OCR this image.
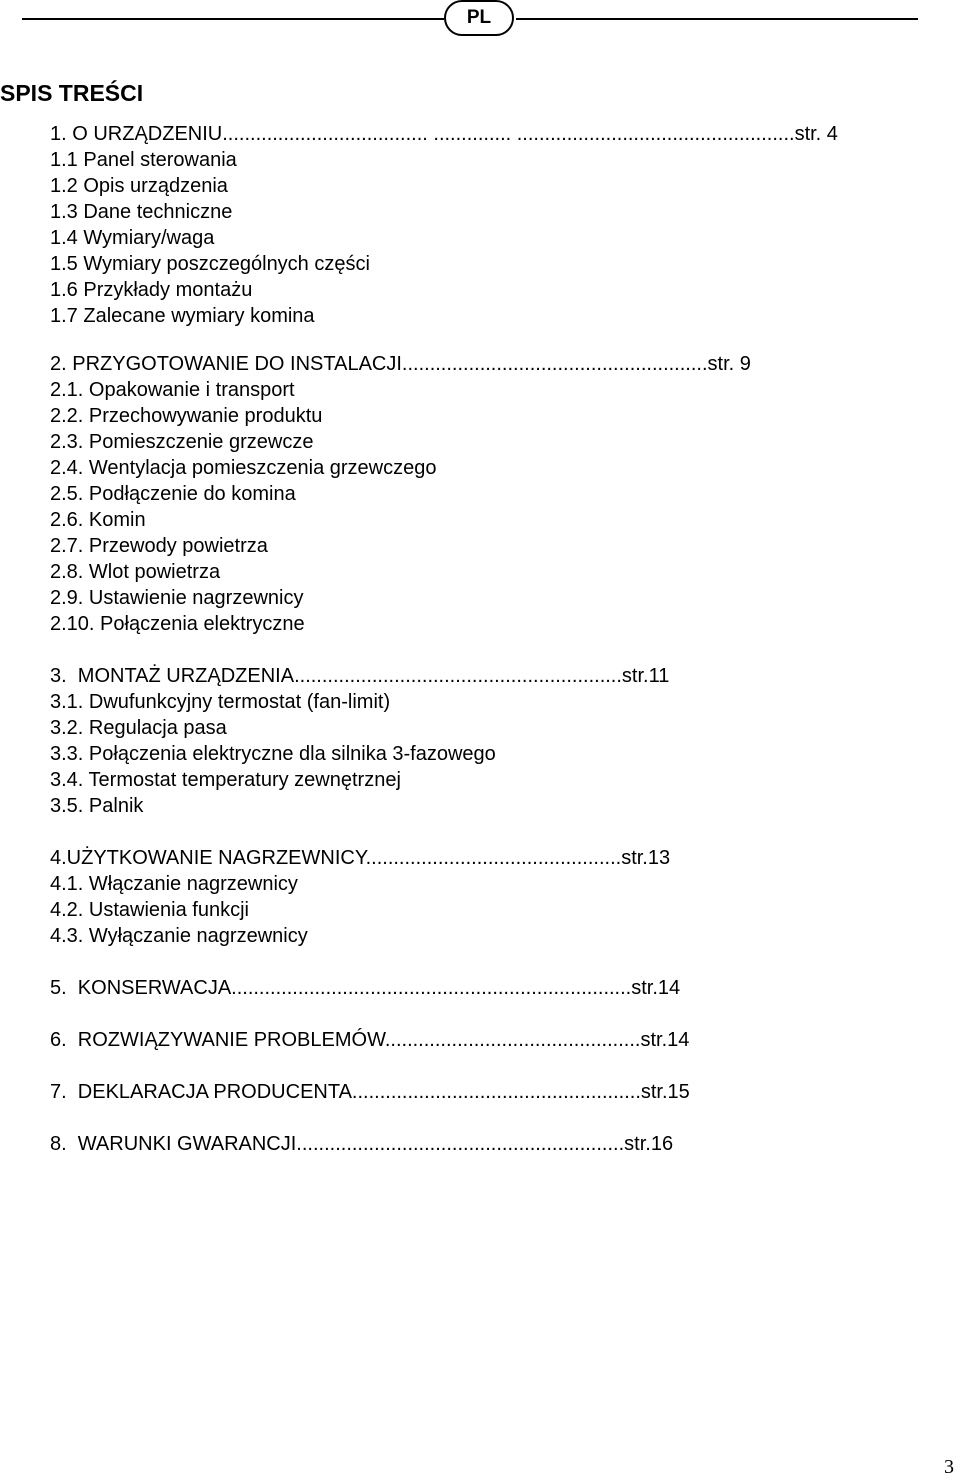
PL
SPIS TREŚCI
1. O URZĄDZENIU..................................... .............. ..................................................str. 4
1.1 Panel sterowania
1.2 Opis urządzenia
1.3 Dane techniczne
1.4 Wymiary/waga
1.5 Wymiary poszczególnych części
1.6 Przykłady montażu
1.7 Zalecane wymiary komina
2. PRZYGOTOWANIE DO INSTALACJI.......................................................str. 9
2.1. Opakowanie i transport
2.2. Przechowywanie produktu
2.3. Pomieszczenie grzewcze
2.4. Wentylacja pomieszczenia grzewczego
2.5. Podłączenie do komina
2.6. Komin
2.7. Przewody powietrza
2.8. Wlot powietrza
2.9. Ustawienie nagrzewnicy
2.10. Połączenia elektryczne
3.  MONTAŻ URZĄDZENIA...........................................................str.11
3.1. Dwufunkcyjny termostat (fan-limit)
3.2. Regulacja pasa
3.3. Połączenia elektryczne dla silnika 3-fazowego
3.4. Termostat temperatury zewnętrznej
3.5. Palnik
4.UŻYTKOWANIE NAGRZEWNICY..............................................str.13
4.1. Włączanie nagrzewnicy
4.2. Ustawienia funkcji
4.3. Wyłączanie nagrzewnicy
5.  KONSERWACJA........................................................................str.14
6.  ROZWIĄZYWANIE PROBLEMÓW..............................................str.14
7.  DEKLARACJA PRODUCENTA....................................................str.15
8.  WARUNKI GWARANCJI...........................................................str.16
3
